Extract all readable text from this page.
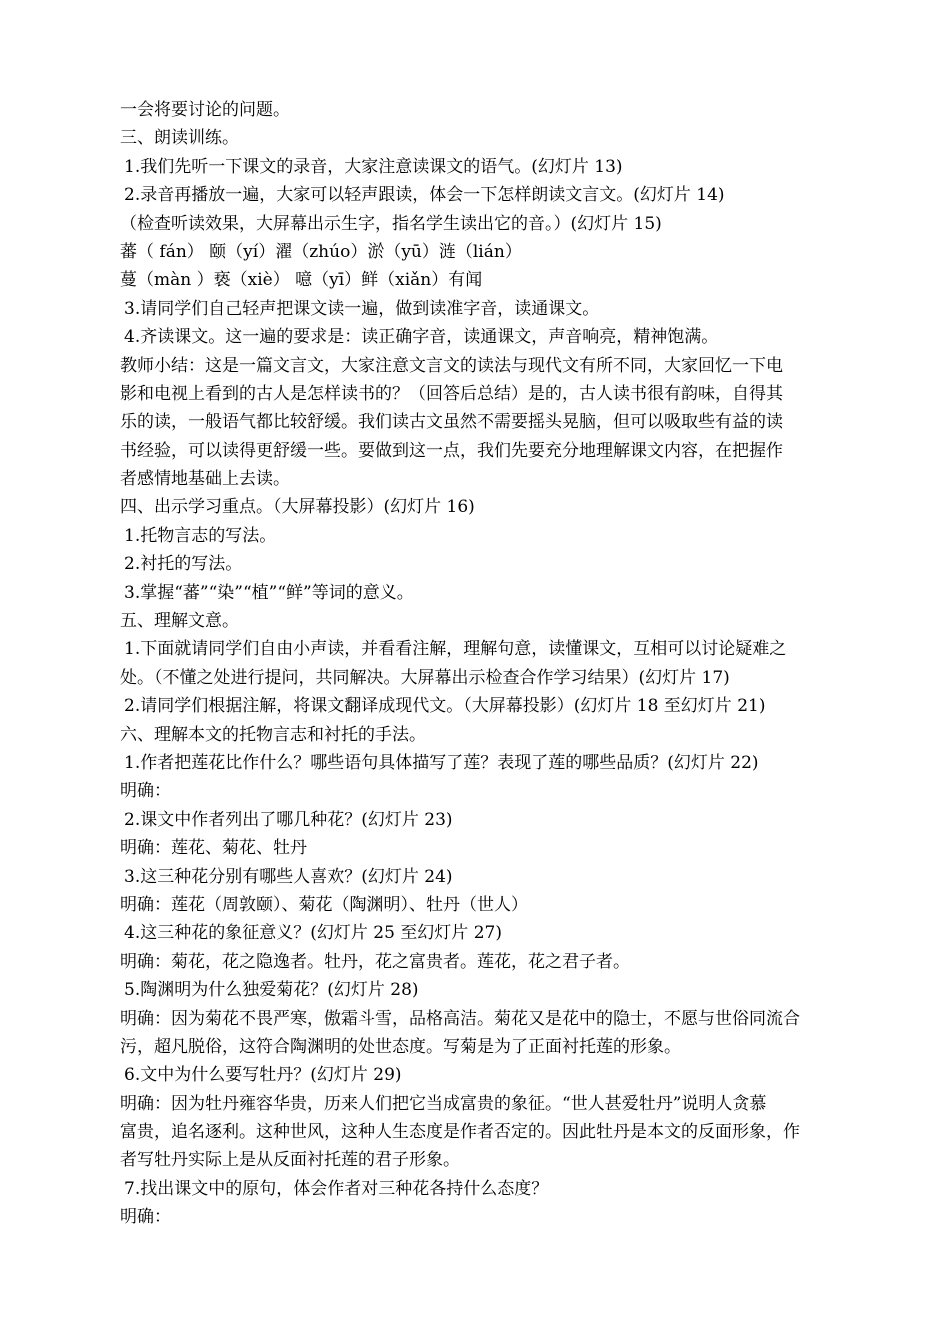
一会将要讨论的问题。
三、朗读训练。
1.我们先听一下课文的录音，大家注意读课文的语气。(幻灯片 13)
2.录音再播放一遍，大家可以轻声跟读，体会一下怎样朗读文言文。(幻灯片 14)
（检查听读效果，大屏幕出示生字，指名学生读出它的音。）(幻灯片 15)
蕃（ fán） 颐（yí）濯（zhúo）淤（yū）涟（lián）
蔓（màn ）亵（xiè） 噫（yī）鲜（xiǎn）有闻
3.请同学们自己轻声把课文读一遍，做到读准字音，读通课文。
4.齐读课文。这一遍的要求是：读正确字音，读通课文，声音响亮，精神饱满。
教师小结：这是一篇文言文，大家注意文言文的读法与现代文有所不同，大家回忆一下电
影和电视上看到的古人是怎样读书的？（回答后总结）是的，古人读书很有韵味，自得其
乐的读，一般语气都比较舒缓。我们读古文虽然不需要摇头晃脑，但可以吸取些有益的读
书经验，可以读得更舒缓一些。要做到这一点，我们先要充分地理解课文内容，在把握作
者感情地基础上去读。
四、出示学习重点。（大屏幕投影）(幻灯片 16)
1.托物言志的写法。
2.衬托的写法。
3.掌握“蕃”“染”“植”“鲜”等词的意义。
五、理解文意。
1.下面就请同学们自由小声读，并看看注解，理解句意，读懂课文，互相可以讨论疑难之
处。（不懂之处进行提问，共同解决。大屏幕出示检查合作学习结果）(幻灯片 17)
2.请同学们根据注解，将课文翻译成现代文。（大屏幕投影）(幻灯片 18 至幻灯片 21)
六、理解本文的托物言志和衬托的手法。
1.作者把莲花比作什么？哪些语句具体描写了莲？表现了莲的哪些品质？(幻灯片 22)
明确：
2.课文中作者列出了哪几种花？(幻灯片 23)
明确：莲花、菊花、牡丹
3.这三种花分别有哪些人喜欢？(幻灯片 24)
明确：莲花（周敦颐）、菊花（陶渊明）、牡丹（世人）
4.这三种花的象征意义？(幻灯片 25 至幻灯片 27)
明确：菊花，花之隐逸者。牡丹，花之富贵者。莲花，花之君子者。
5.陶渊明为什么独爱菊花？(幻灯片 28)
明确：因为菊花不畏严寒，傲霜斗雪，品格高洁。菊花又是花中的隐士，不愿与世俗同流合
污，超凡脱俗，这符合陶渊明的处世态度。写菊是为了正面衬托莲的形象。
6.文中为什么要写牡丹？(幻灯片 29)
明确：因为牡丹雍容华贵，历来人们把它当成富贵的象征。“世人甚爱牡丹”说明人贪慕
富贵，追名逐利。这种世风，这种人生态度是作者否定的。因此牡丹是本文的反面形象，作
者写牡丹实际上是从反面衬托莲的君子形象。
7.找出课文中的原句，体会作者对三种花各持什么态度？
明确：
